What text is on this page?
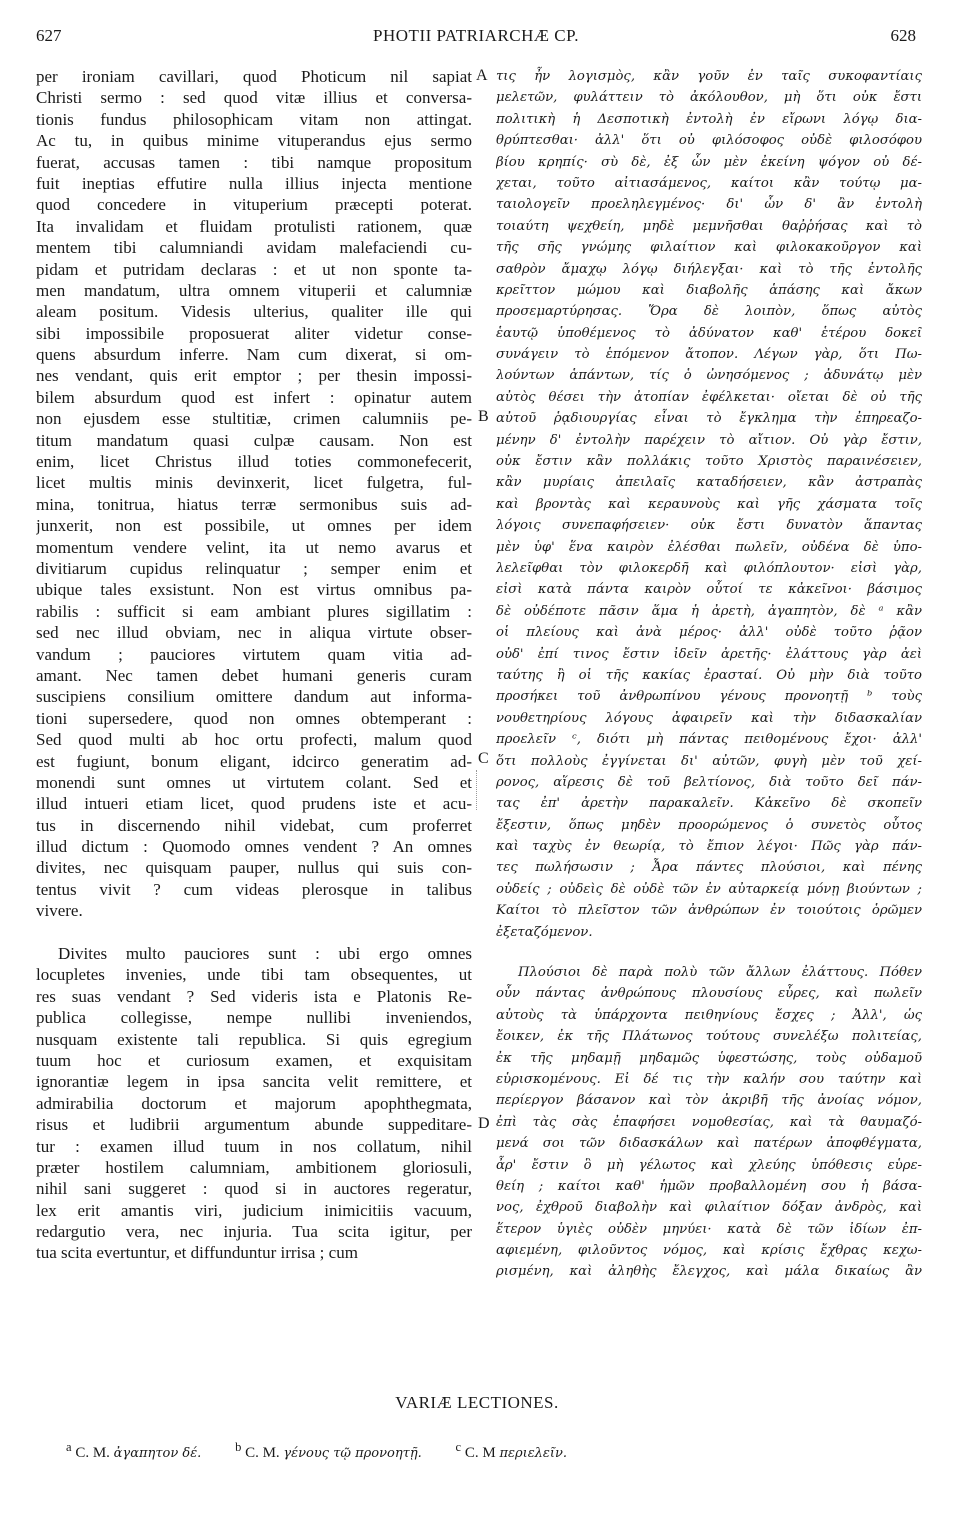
627	PHOTII PATRIARCHÆ CP.	628
per ironiam cavillari, quod Photicum nil sapiat
Christi sermo : sed quod vitæ illius et conversa-
tionis fundus philosophicam vitam non attingat.
Ac tu, in quibus minime vituperandus ejus sermo
fuerat, accusas tamen : tibi namque propositum
fuit ineptias effutire nulla illius injecta mentione
quod concedere in vituperium præcepti poterat.
Ita invalidam et fluidam protulisti rationem, quæ
mentem tibi calumniandi avidam malefaciendi cu-
pidam et putridam declaras : et ut non sponte ta-
men mandatum, ultra omnem vituperii et calumniæ
aleam positum. Videsis ulterius, qualiter ille qui
sibi impossibile proposuerat aliter videtur conse-
quens absurdum inferre. Nam cum dixerat, si om-
nes vendant, quis erit emptor ; per thesin impossi-
bilem absurdum quod est infert : opinatur autem
non ejusdem esse stultitiæ, crimen calumniis pe-
titum mandatum quasi culpæ causam. Non est
enim, licet Christus illud toties commonefecerit,
licet multis minis devinxerit, licet fulgetra, ful-
mina, tonitrua, hiatus terræ sermonibus suis ad-
junxerit, non est possibile, ut omnes per idem
momentum vendere velint, ita ut nemo avarus et
divitiarum cupidus relinquatur ; semper enim et
ubique tales exsistunt. Non est virtus omnibus pa-
rabilis : sufficit si eam ambiant plures sigillatim :
sed nec illud obviam, nec in aliqua virtute obser-
vandum ; pauciores virtutem quam vitia ad-
amant. Nec tamen debet humani generis curam
suscipiens consilium omittere dandum aut informa-
tioni supersedere, quod non omnes obtemperant :
Sed quod multi ab hoc ortu profecti, malum quod
est fugiunt, bonum eligant, idcirco generatim ad-
monendi sunt omnes ut virtutem colant. Sed et
illud intueri etiam licet, quod prudens iste et acu-
tus in discernendo nihil videbat, cum proferret
illud dictum : Quomodo omnes vendent ? An omnes
divites, nec quisquam pauper, nullus qui suis con-
tentus vivit ? cum videas plerosque in talibus
vivere.
Divites multo pauciores sunt : ubi ergo omnes
locupletes invenies, unde tibi tam obsequentes, ut
res suas vendant ? Sed videris ista e Platonis Re-
publica collegisse, nempe nullibi inveniendos,
nusquam existente tali republica. Si quis egregium
tuum hoc et curiosum examen, et exquisitam
ignorantiæ legem in ipsa sancita velit remittere, et
admirabilia doctorum et majorum apophthegmata,
risus et ludibrii argumentum abunde suppeditare-
tur : examen illud tuum in nos collatum, nihil
præter hostilem calumniam, ambitionem gloriosuli,
nihil sani suggeret : quod si in auctores regeratur,
lex erit amantis viri, judicium inimicitiis vacuum,
redargutio vera, nec injuria. Tua scita igitur, per
tua scita evertuntur, et diffunduntur irrisa ; cum
τις ἦν λογισμὸς, κἂν γοῦν ἐν ταῖς συκοφαντίαις
μελετῶν, φυλάττειν τὸ ἀκόλουθον, μὴ ὅτι οὐκ ἔστι
πολιτικὴ ἡ Δεσποτικὴ ἐντολὴ ἐν εἴρωνι λόγῳ δια-
θρύπτεσθαι· ἀλλ' ὅτι οὐ φιλόσοφος οὐδὲ φιλοσόφου
βίου κρηπίς· σὺ δὲ, ἐξ ὧν μὲν ἐκείνη ψόγον οὐ δέ-
χεται, τοῦτο αἰτιασάμενος, καίτοι κἂν τούτῳ μα-
ταιολογεῖν προεληλεγμένος· δι' ὧν δ' ἂν ἐντολὴ
τοιαύτη ψεχθείη, μηδὲ μεμνῆσθαι θαῤῥήσας καὶ τὸ
τῆς σῆς γνώμης φιλαίτιον καὶ φιλοκακοῦργον καὶ
σαθρὸν ἄμαχῳ λόγῳ διήλεγξαι· καὶ τὸ τῆς ἐντολῆς
κρεῖττον μώμου καὶ διαβολῆς ἁπάσης καὶ ἄκων
προσεμαρτύρησας. Ὅρα δὲ λοιπὸν, ὅπως αὐτὸς
ἑαυτῷ ὑποθέμενος τὸ ἀδύνατον καθ' ἑτέρου δοκεῖ
συνάγειν τὸ ἑπόμενον ἄτοπον. Λέγων γὰρ, ὅτι Πω-
λούντων ἁπάντων, τίς ὁ ὠνησόμενος ; ἀδυνάτῳ μὲν
αὐτὸς θέσει τὴν ἀτοπίαν ἐφέλκεται· οἴεται δὲ οὐ τῆς
αὐτοῦ ῥᾳδιουργίας εἶναι τὸ ἔγκλημα τὴν ἐπηρεαζο-
μένην δ' ἐντολὴν παρέχειν τὸ αἴτιον. Οὐ γὰρ ἔστιν,
οὐκ ἔστιν κἂν πολλάκις τοῦτο Χριστὸς παραινέσειεν,
κἂν μυρίαις ἀπειλαῖς καταδήσειεν, κἂν ἀστραπὰς
καὶ βροντὰς καὶ κεραυνοὺς καὶ γῆς χάσματα τοῖς
λόγοις συνεπαφήσειεν· οὐκ ἔστι δυνατὸν ἅπαντας
μὲν ὑφ' ἕνα καιρὸν ἐλέσθαι πωλεῖν, οὐδένα δὲ ὑπο-
λελεῖφθαι τὸν φιλοκερδῆ καὶ φιλόπλουτον· εἰσὶ γὰρ,
εἰσὶ κατὰ πάντα καιρὸν οὗτοί τε κἀκεῖνοι· βάσιμος
δὲ οὐδέποτε πᾶσιν ἅμα ἡ ἀρετὴ, ἀγαπητὸν, δὲ ᵃ κἂν
οἱ πλείους καὶ ἀνὰ μέρος· ἀλλ' οὐδὲ τοῦτο ῥᾷον
οὐδ' ἐπί τινος ἔστιν ἰδεῖν ἀρετῆς· ἐλάττους γὰρ ἀεὶ
ταύτης ἢ οἱ τῆς κακίας ἐρασταί. Οὐ μὴν διὰ τοῦτο
προσήκει τοῦ ἀνθρωπίνου γένους προνοητῇ ᵇ τοὺς
νουθετηρίους λόγους ἀφαιρεῖν καὶ τὴν διδασκαλίαν
προελεῖν ᶜ, διότι μὴ πάντας πειθομένους ἔχοι· ἀλλ'
ὅτι πολλοὺς ἐγγίνεται δι' αὐτῶν, φυγὴ μὲν τοῦ χεί-
ρονος, αἵρεσις δὲ τοῦ βελτίονος, διὰ τοῦτο δεῖ πάν-
τας ἐπ' ἀρετὴν παρακαλεῖν. Κἀκεῖνο δὲ σκοπεῖν
ἔξεστιν, ὅπως μηδὲν προορώμενος ὁ συνετὸς οὗτος
καὶ ταχὺς ἐν θεωρίᾳ, τὸ ἔπιον λέγοι· Πῶς γὰρ πάν-
τες πωλήσωσιν ; Ἆρα πάντες πλούσιοι, καὶ πένης
οὐδείς ; οὐδεὶς δὲ οὐδὲ τῶν ἐν αὐταρκείᾳ μόνῃ βιούντων ;
Καίτοι τὸ πλεῖστον τῶν ἀνθρώπων ἐν τοιούτοις ὁρῶμεν
ἐξεταζόμενον.
Πλούσιοι δὲ παρὰ πολὺ τῶν ἄλλων ἐλάττους. Πόθεν
οὖν πάντας ἀνθρώπους πλουσίους εὗρες, καὶ πωλεῖν
αὐτοὺς τὰ ὑπάρχοντα πειθηνίους ἔσχες ; Ἀλλ', ὡς
ἔοικεν, ἐκ τῆς Πλάτωνος τούτους συνελέξω πολιτείας,
ἐκ τῆς μηδαμῇ μηδαμῶς ὑφεστώσης, τοὺς οὐδαμοῦ
εὑρισκομένους. Εἰ δέ τις τὴν καλήν σου ταύτην καὶ
περίεργον βάσανον καὶ τὸν ἀκριβῆ τῆς ἀνοίας νόμον,
ἐπὶ τὰς σὰς ἐπαφήσει νομοθεσίας, καὶ τὰ θαυμαζό-
μενά σοι τῶν διδασκάλων καὶ πατέρων ἀποφθέγματα,
ἆρ' ἔστιν ὃ μὴ γέλωτος καὶ χλεύης ὑπόθεσις εὑρε-
θείη ; καίτοι καθ' ἡμῶν προβαλλομένη σου ἡ βάσα-
νος, ἐχθροῦ διαβολὴν καὶ φιλαίτιον δόξαν ἀνδρὸς, καὶ
ἕτερον ὑγιὲς οὐδὲν μηνύει· κατὰ δὲ τῶν ἰδίων ἐπ-
αφιεμένη, φιλοῦντος νόμος, καὶ κρίσις ἔχθρας κεχω-
ρισμένη, καὶ ἀληθὴς ἔλεγχος, καὶ μάλα δικαίως ἂν
A
B
C
D
VARIÆ LECTIONES.
$^a$ C. M. ἀγαπητον δέ.	$^b$ C. M. γένους τῷ προνοητῇ.	$^c$ C. M περιελεῖν.
